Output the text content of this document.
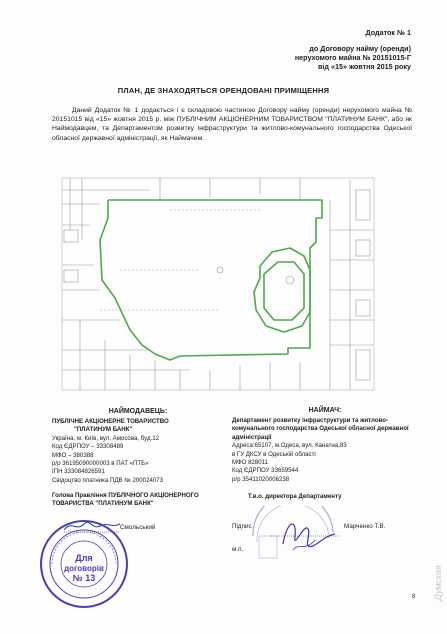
Додаток № 1
до Договору найму (оренди)
нерухомого майна № 20151015-Г
від «15» жовтня 2015 року
ПЛАН, ДЕ ЗНАХОДЯТЬСЯ ОРЕНДОВАНІ ПРИМІЩЕННЯ
Даний Додаток № 1 додається і є складовою частиною Договору найму (оренди) нерухомого майна № 20151015 від «15» жовтня 2015 р. між ПУБЛІЧНИМ АКЦІОНЕРНИМ ТОВАРИСТВОМ "ПЛАТИНУМ БАНК", або як Наймодавцем, та Департаментом розвитку інфраструктури та житлово-комунального господарства Одеської обласної державної адміністрації, як Наймачем.
НАЙМОДАВЕЦЬ:
ПУБЛІЧНЕ АКЦІОНЕРНЕ ТОВАРИСТВО
"ПЛАТИНУМ БАНК"
Україна, м. Київ, вул. Амосова, буд.12
Код ЄДРПОУ – 33308489
МФО – 380388
р/р 36195090000003 в ПАТ «ПТБ»
ІПН 333084826591
Свідоцтво платника ПДВ № 200024073
Голова Правління ПУБЛІЧНОГО АКЦІОНЕРНОГО ТОВАРИСТВА "ПЛАТИНУМ БАНК"
Смольський
Для
договорів
№ 13
НАЙМАЧ:
Департамент розвитку інфраструктури та житлово-комунального господарства Одеської обласної державної адміністрації
Адреса:65107, м.Одеса, вул. Канатна,83
в ГУ ДКСУ в Одеській області
МФО 828011
Код ЄДРПОУ 33659544
р/р 35411020006238
Т.в.о. директора Департаменту
Підпис	Марченко Т.В.
м.п.
8 Думская
